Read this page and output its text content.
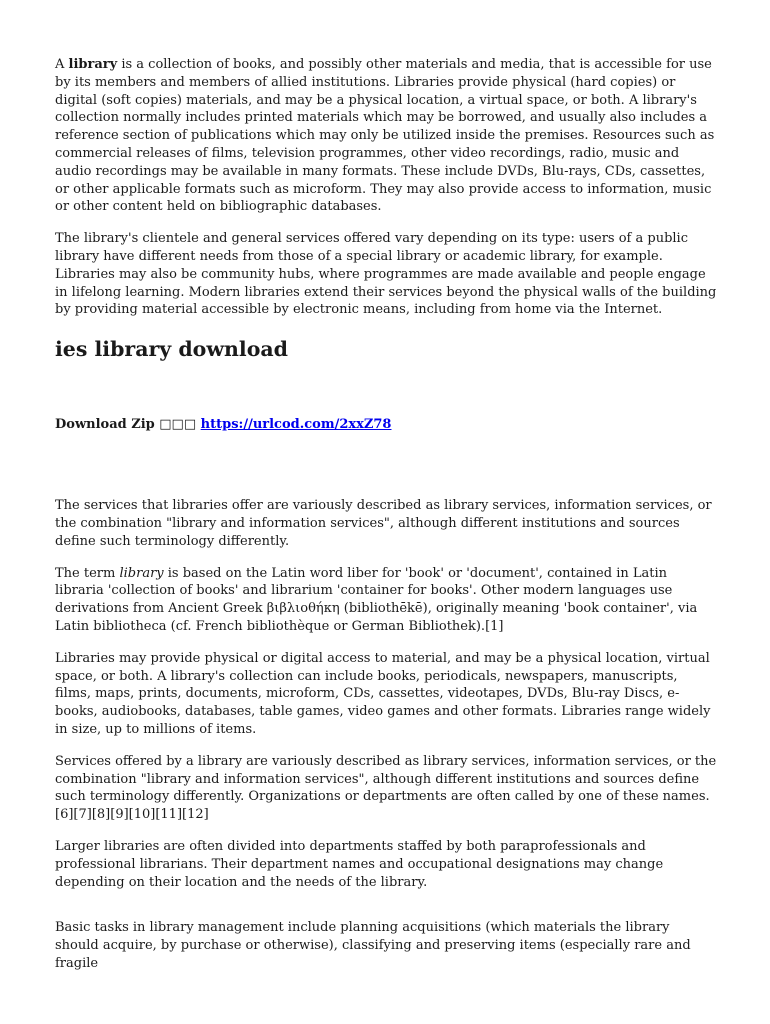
A library is a collection of books, and possibly other materials and media, that is accessible for use by its members and members of allied institutions. Libraries provide physical (hard copies) or digital (soft copies) materials, and may be a physical location, a virtual space, or both. A library's collection normally includes printed materials which may be borrowed, and usually also includes a reference section of publications which may only be utilized inside the premises. Resources such as commercial releases of films, television programmes, other video recordings, radio, music and audio recordings may be available in many formats. These include DVDs, Blu-rays, CDs, cassettes, or other applicable formats such as microform. They may also provide access to information, music or other content held on bibliographic databases.

The library's clientele and general services offered vary depending on its type: users of a public library have different needs from those of a special library or academic library, for example. Libraries may also be community hubs, where programmes are made available and people engage in lifelong learning. Modern libraries extend their services beyond the physical walls of the building by providing material accessible by electronic means, including from home via the Internet.

ies library download
Download Zip □□□ https://urlcod.com/2xxZ78

The services that libraries offer are variously described as library services, information services, or the combination "library and information services", although different institutions and sources define such terminology differently.

The term library is based on the Latin word liber for 'book' or 'document', contained in Latin libraria 'collection of books' and librarium 'container for books'. Other modern languages use derivations from Ancient Greek βιβλιοθήκη (bibliothēkē), originally meaning 'book container', via Latin bibliotheca (cf. French bibliothèque or German Bibliothek).[1]

Libraries may provide physical or digital access to material, and may be a physical location, virtual space, or both. A library's collection can include books, periodicals, newspapers, manuscripts, films, maps, prints, documents, microform, CDs, cassettes, videotapes, DVDs, Blu-ray Discs, e-books, audiobooks, databases, table games, video games and other formats. Libraries range widely in size, up to millions of items.

Services offered by a library are variously described as library services, information services, or the combination "library and information services", although different institutions and sources define such terminology differently. Organizations or departments are often called by one of these names.[6][7][8][9][10][11][12]

Larger libraries are often divided into departments staffed by both paraprofessionals and professional librarians. Their department names and occupational designations may change depending on their location and the needs of the library.

Basic tasks in library management include planning acquisitions (which materials the library should acquire, by purchase or otherwise), classifying and preserving items (especially rare and fragile
